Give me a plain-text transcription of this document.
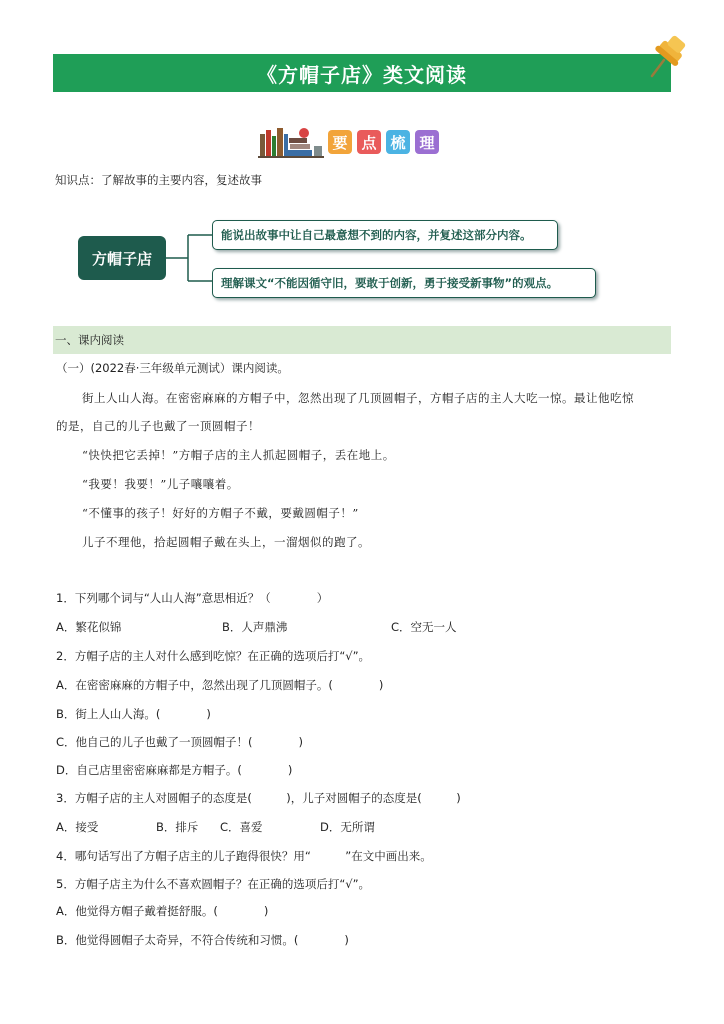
《方帽子店》类文阅读
要 点 梳 理
知识点：了解故事的主要内容，复述故事
方帽子店
能说出故事中让自己最意想不到的内容，并复述这部分内容。
理解课文“不能因循守旧，要敢于创新，勇于接受新事物”的观点。
一、课内阅读
（一）(2022春·三年级单元测试）课内阅读。
街上人山人海。在密密麻麻的方帽子中，忽然出现了几顶圆帽子，方帽子店的主人大吃一惊。最让他吃惊
的是，自己的儿子也戴了一顶圆帽子！
“快快把它丢掉！”方帽子店的主人抓起圆帽子，丢在地上。
“我要！我要！”儿子嚷嚷着。
“不懂事的孩子！好好的方帽子不戴，要戴圆帽子！”
儿子不理他，拾起圆帽子戴在头上，一溜烟似的跑了。
1．下列哪个词与“人山人海”意思相近？（　　　　）
A．繁花似锦	B．人声鼎沸	C．空无一人
2．方帽子店的主人对什么感到吃惊？在正确的选项后打“√”。
A．在密密麻麻的方帽子中，忽然出现了几顶圆帽子。(　　　　)
B．街上人山人海。(　　　　)
C．他自己的儿子也戴了一顶圆帽子！(　　　　)
D．自己店里密密麻麻都是方帽子。(　　　　)
3．方帽子店的主人对圆帽子的态度是(　　　)，儿子对圆帽子的态度是(　　　)
A．接受	B．排斥 C．喜爱	D．无所谓
4．哪句话写出了方帽子店主的儿子跑得很快？用“　　　”在文中画出来。
5．方帽子店主为什么不喜欢圆帽子？在正确的选项后打“√”。
A．他觉得方帽子戴着挺舒服。(　　　　)
B．他觉得圆帽子太奇异，不符合传统和习惯。(　　　　)
